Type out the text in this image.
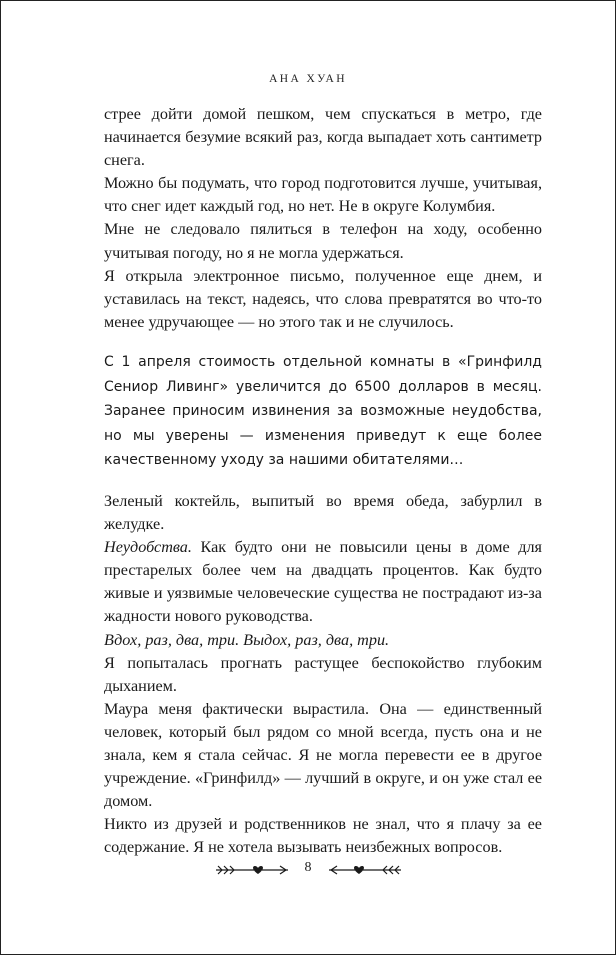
АНА ХУАН

стрее дойти домой пешком, чем спускаться в метро, где начинается безумие всякий раз, когда выпадает хоть сантиметр снега.

Можно бы подумать, что город подготовится лучше, учитывая, что снег идет каждый год, но нет. Не в округе Колумбия.

Мне не следовало пялиться в телефон на ходу, особенно учитывая погоду, но я не могла удержаться.

Я открыла электронное письмо, полученное еще днем, и уставилась на текст, надеясь, что слова превратятся во что-то менее удручающее — но этого так и не случилось.

С 1 апреля стоимость отдельной комнаты в «Гринфилд Сениор Ливинг» увеличится до 6500 долларов в месяц. Заранее приносим извинения за возможные неудобства, но мы уверены — изменения приведут к еще более качественному уходу за нашими обитателями…

Зеленый коктейль, выпитый во время обеда, забурлил в желудке.

Неудобства. Как будто они не повысили цены в доме для престарелых более чем на двадцать процентов. Как будто живые и уязвимые человеческие существа не пострадают из-за жадности нового руководства.

Вдох, раз, два, три. Выдох, раз, два, три.

Я попыталась прогнать растущее беспокойство глубоким дыханием.

Маура меня фактически вырастила. Она — единственный человек, который был рядом со мной всегда, пусть она и не знала, кем я стала сейчас. Я не могла перевести ее в другое учреждение. «Гринфилд» — лучший в округе, и он уже стал ее домом.

Никто из друзей и родственников не знал, что я плачу за ее содержание. Я не хотела вызывать неизбежных вопросов.

8
